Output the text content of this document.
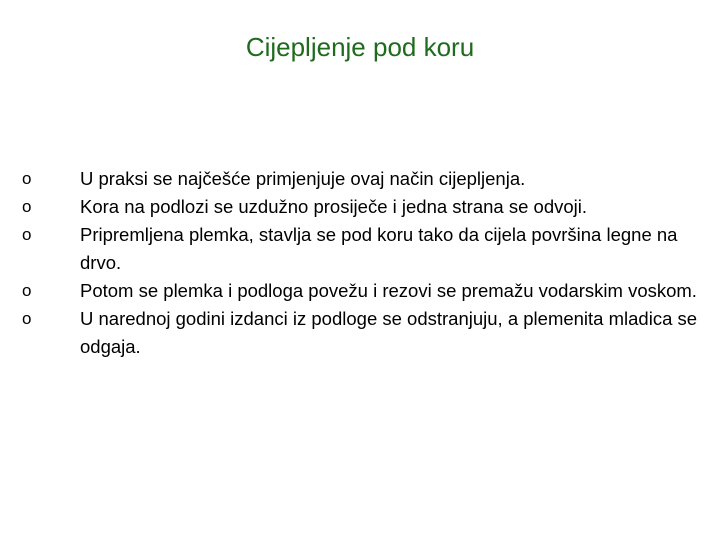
Cijepljenje pod koru
o	U praksi se najčešće primjenjuje ovaj način cijepljenja.
o	Kora na podlozi se uzdužno prosiječe i jedna strana se odvoji.
o	Pripremljena plemka, stavlja se pod koru tako da cijela površina legne na drvo.
o	Potom se plemka i podloga povežu i rezovi se premažu vodarskim voskom.
o	U narednoj godini izdanci iz podloge se odstranjuju, a plemenita mladica se odgaja.
